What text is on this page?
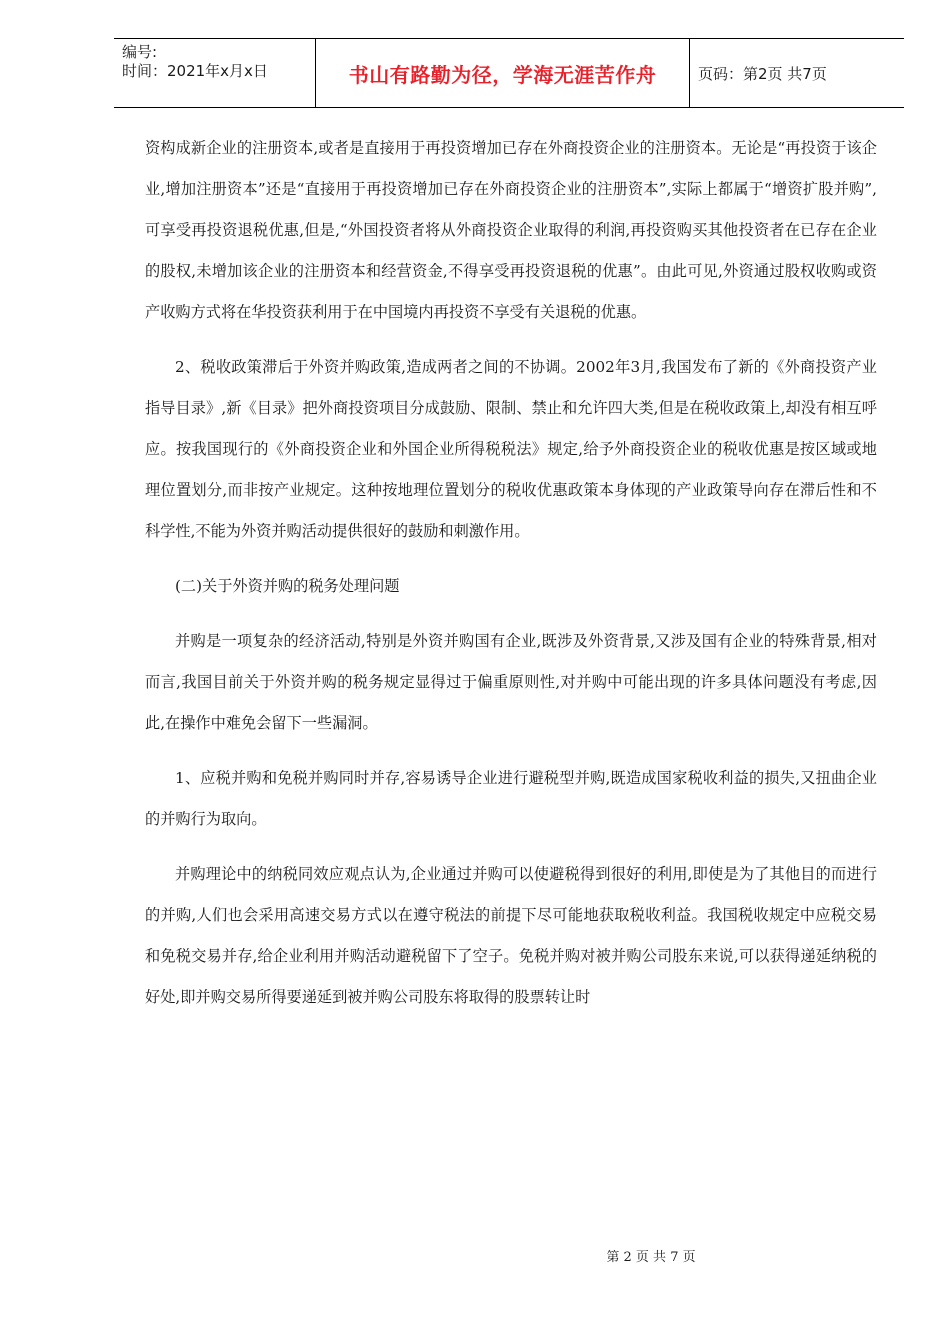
编号:
时间：2021年x月x日	书山有路勤为径，学海无涯苦作舟	页码：第2页 共7页

资构成新企业的注册资本,或者是直接用于再投资增加已存在外商投资企业的注册资本。无论是“再投资于该企业,增加注册资本”还是“直接用于再投资增加已存在外商投资企业的注册资本”,实际上都属于“增资扩股并购”,可享受再投资退税优惠,但是,“外国投资者将从外商投资企业取得的利润,再投资购买其他投资者在已存在企业的股权,未增加该企业的注册资本和经营资金,不得享受再投资退税的优惠”。由此可见,外资通过股权收购或资产收购方式将在华投资获利用于在中国境内再投资不享受有关退税的优惠。

2、税收政策滞后于外资并购政策,造成两者之间的不协调。2002年3月,我国发布了新的《外商投资产业指导目录》,新《目录》把外商投资项目分成鼓励、限制、禁止和允许四大类,但是在税收政策上,却没有相互呼应。按我国现行的《外商投资企业和外国企业所得税税法》规定,给予外商投资企业的税收优惠是按区域或地理位置划分,而非按产业规定。这种按地理位置划分的税收优惠政策本身体现的产业政策导向存在滞后性和不科学性,不能为外资并购活动提供很好的鼓励和刺激作用。

(二)关于外资并购的税务处理问题

并购是一项复杂的经济活动,特别是外资并购国有企业,既涉及外资背景,又涉及国有企业的特殊背景,相对而言,我国目前关于外资并购的税务规定显得过于偏重原则性,对并购中可能出现的许多具体问题没有考虑,因此,在操作中难免会留下一些漏洞。

1、应税并购和免税并购同时并存,容易诱导企业进行避税型并购,既造成国家税收利益的损失,又扭曲企业的并购行为取向。

并购理论中的纳税同效应观点认为,企业通过并购可以使避税得到很好的利用,即使是为了其他目的而进行的并购,人们也会采用高速交易方式以在遵守税法的前提下尽可能地获取税收利益。我国税收规定中应税交易和免税交易并存,给企业利用并购活动避税留下了空子。免税并购对被并购公司股东来说,可以获得递延纳税的好处,即并购交易所得要递延到被并购公司股东将取得的股票转让时

第 2 页 共 7 页
